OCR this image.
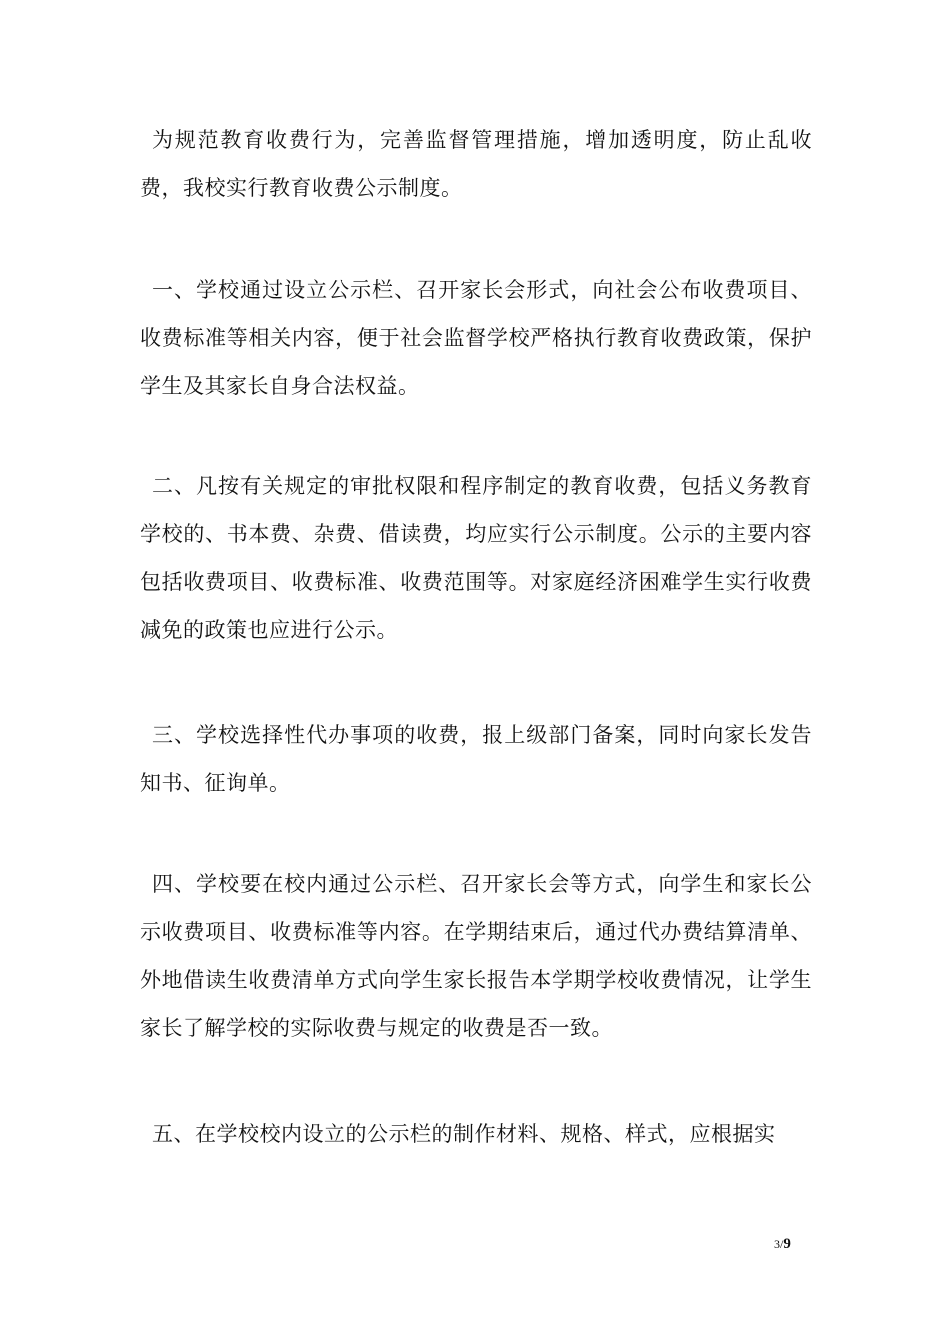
为规范教育收费行为，完善监督管理措施，增加透明度，防止乱收费，我校实行教育收费公示制度。

一、学校通过设立公示栏、召开家长会形式，向社会公布收费项目、收费标准等相关内容，便于社会监督学校严格执行教育收费政策，保护学生及其家长自身合法权益。

二、凡按有关规定的审批权限和程序制定的教育收费，包括义务教育学校的、书本费、杂费、借读费，均应实行公示制度。公示的主要内容包括收费项目、收费标准、收费范围等。对家庭经济困难学生实行收费减免的政策也应进行公示。

三、学校选择性代办事项的收费，报上级部门备案，同时向家长发告知书、征询单。

四、学校要在校内通过公示栏、召开家长会等方式，向学生和家长公示收费项目、收费标准等内容。在学期结束后，通过代办费结算清单、外地借读生收费清单方式向学生家长报告本学期学校收费情况，让学生家长了解学校的实际收费与规定的收费是否一致。

五、在学校校内设立的公示栏的制作材料、规格、样式，应根据实

3/9
